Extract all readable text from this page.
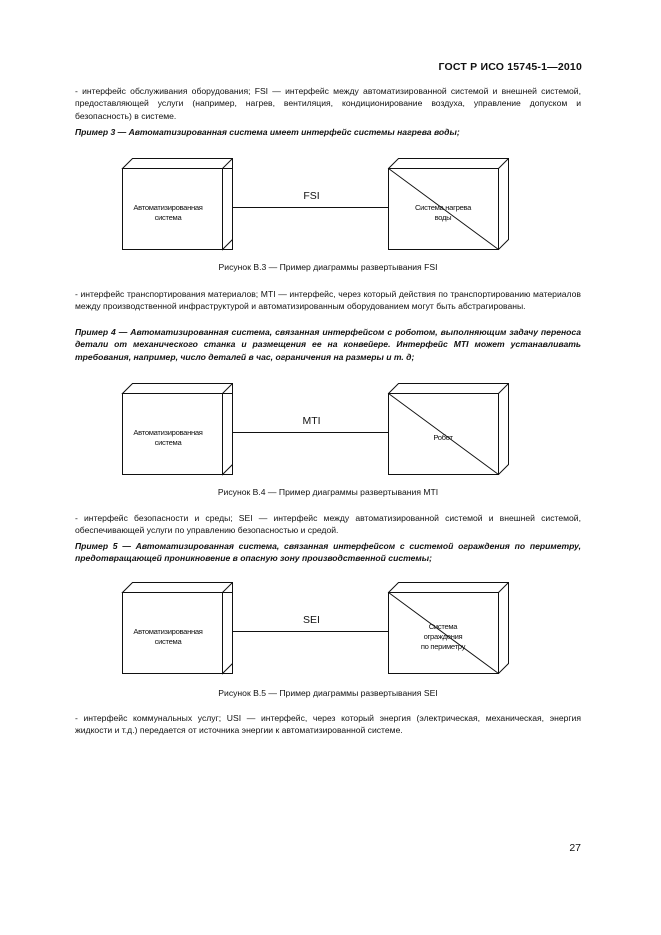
ГОСТ Р ИСО 15745-1—2010

- интерфейс обслуживания оборудования; FSI — интерфейс между автоматизированной системой и внешней системой, предоставляющей услуги (например, нагрев, вентиляция, кондиционирование воздуха, управление допуском и безопасность) в системе.

Пример 3 — Автоматизированная система имеет интерфейс системы нагрева воды;

Автоматизированная
система
FSI
Система нагрева
воды

Рисунок В.3 — Пример диаграммы развертывания FSI

- интерфейс транспортирования материалов; MTI — интерфейс, через который действия по транспортированию материалов между производственной инфраструктурой и автоматизированным оборудованием могут быть абстрагированы.

Пример 4 — Автоматизированная система, связанная интерфейсом с роботом, выполняющим задачу переноса детали от механического станка и размещения ее на конвейере. Интерфейс MTI может устанавливать требования, например, число деталей в час, ограничения на размеры и т. д;

Автоматизированная
система
MTI
Робот

Рисунок В.4 — Пример диаграммы развертывания MTI

- интерфейс безопасности и среды; SEI — интерфейс между автоматизированной системой и внешней системой, обеспечивающей услуги по управлению безопасностью и средой.

Пример 5 — Автоматизированная система, связанная интерфейсом с системой ограждения по периметру, предотвращающей проникновение в опасную зону производственной системы;

Автоматизированная
система
SEI
Система
ограждения
по периметру

Рисунок В.5 — Пример диаграммы развертывания SEI

- интерфейс коммунальных услуг; USI — интерфейс, через который энергия (электрическая, механическая, энергия жидкости и т.д.) передается от источника энергии к автоматизированной системе.

27
